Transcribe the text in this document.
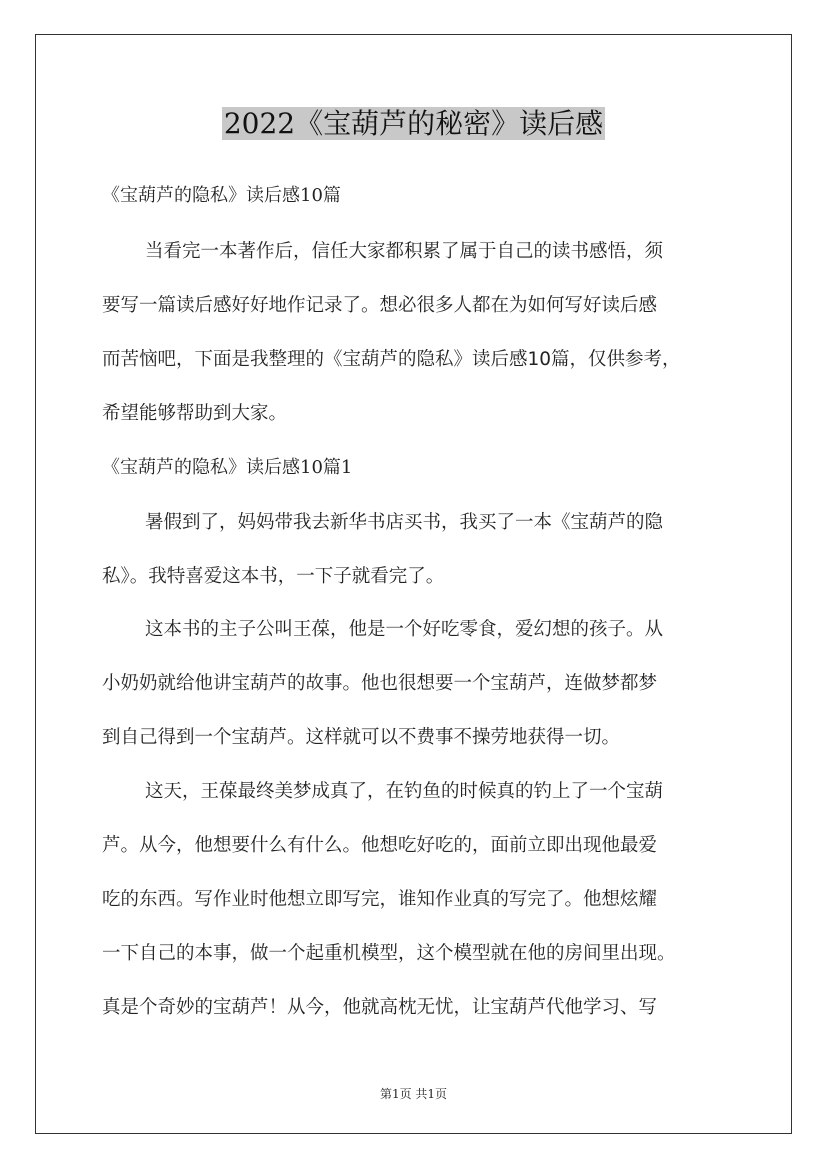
2022《宝葫芦的秘密》读后感
《宝葫芦的隐私》读后感10篇
当看完一本著作后，信任大家都积累了属于自己的读书感悟，须
要写一篇读后感好好地作记录了。想必很多人都在为如何写好读后感
而苦恼吧，下面是我整理的《宝葫芦的隐私》读后感10篇，仅供参考，
希望能够帮助到大家。
《宝葫芦的隐私》读后感10篇1
暑假到了，妈妈带我去新华书店买书，我买了一本《宝葫芦的隐
私》。我特喜爱这本书，一下子就看完了。
这本书的主子公叫王葆，他是一个好吃零食，爱幻想的孩子。从
小奶奶就给他讲宝葫芦的故事。他也很想要一个宝葫芦，连做梦都梦
到自己得到一个宝葫芦。这样就可以不费事不操劳地获得一切。
这天，王葆最终美梦成真了，在钓鱼的时候真的钓上了一个宝葫
芦。从今，他想要什么有什么。他想吃好吃的，面前立即出现他最爱
吃的东西。写作业时他想立即写完，谁知作业真的写完了。他想炫耀
一下自己的本事，做一个起重机模型，这个模型就在他的房间里出现。
真是个奇妙的宝葫芦！从今，他就高枕无忧，让宝葫芦代他学习、写
第1页 共1页
